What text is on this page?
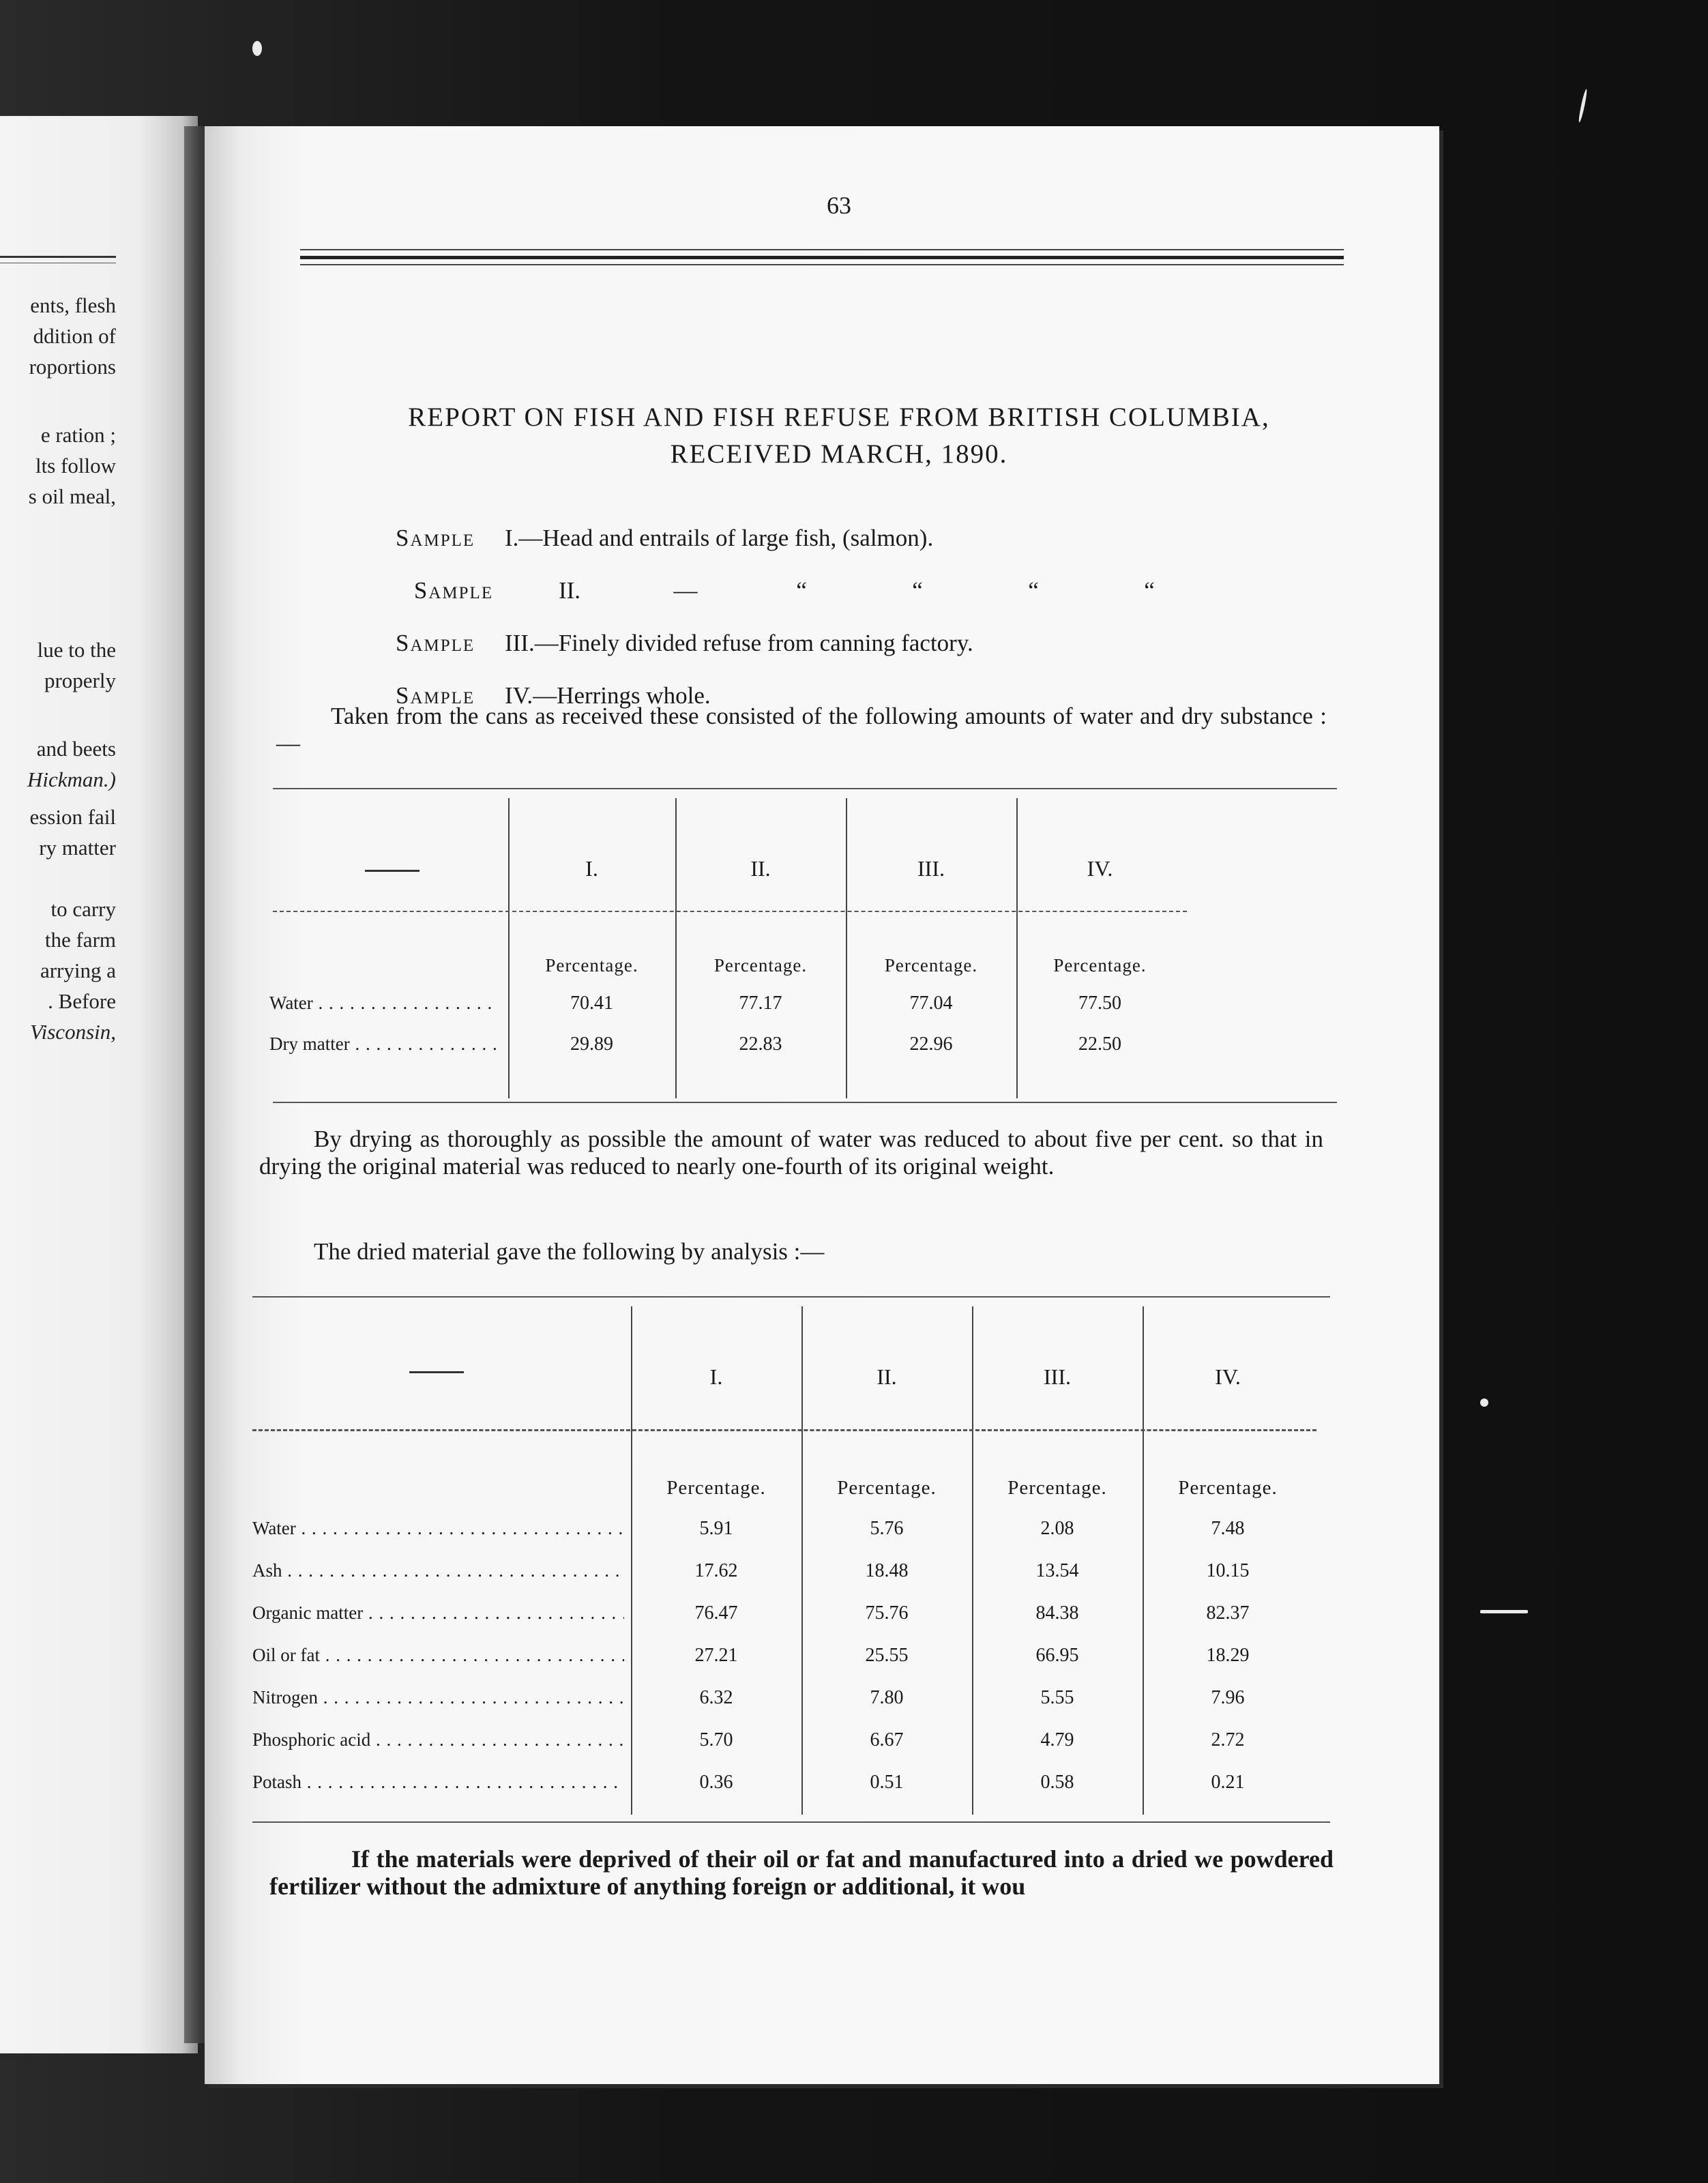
ents, flesh
ddition of
roportions
e ration ;
lts follow
s oil meal,
lue to the
properly
and beets
Hickman.)
ession fail
ry matter
to carry
the farm
arrying a
. Before
Visconsin,
63
REPORT ON FISH AND FISH REFUSE FROM BRITISH COLUMBIA,
RECEIVED MARCH, 1890.
Sample I.—Head and entrails of large fish, (salmon).
Sample	II.	—	“	“	“	“
Sample III.—Finely divided refuse from canning factory.
Sample IV.—Herrings whole.
Taken from the cans as received these consisted of the following amounts of water and dry substance :—
I.	II.	III.	IV.
Percentage.	Percentage.	Percentage.	Percentage.
Water . . .	70.41	77.17	77.04	77.50
Dry matter . . .	29.89	22.83	22.96	22.50
By drying as thoroughly as possible the amount of water was reduced to about five per cent. so that in drying the original material was reduced to nearly one-fourth of its original weight.
The dried material gave the following by analysis :—
I.	II.	III.	IV.
Percentage.	Percentage.	Percentage.	Percentage.
Water . . .	5.91	5.76	2.08	7.48
Ash . . .	17.62	18.48	13.54	10.15
Organic matter . . .	76.47	75.76	84.38	82.37
Oil or fat . . .	27.21	25.55	66.95	18.29
Nitrogen . . .	6.32	7.80	5.55	7.96
Phosphoric acid . . .	5.70	6.67	4.79	2.72
Potash . . .	0.36	0.51	0.58	0.21
If the materials were deprived of their oil or fat and manufactured into a dried we powdered fertilizer without the admixture of anything foreign or additional, it wou
